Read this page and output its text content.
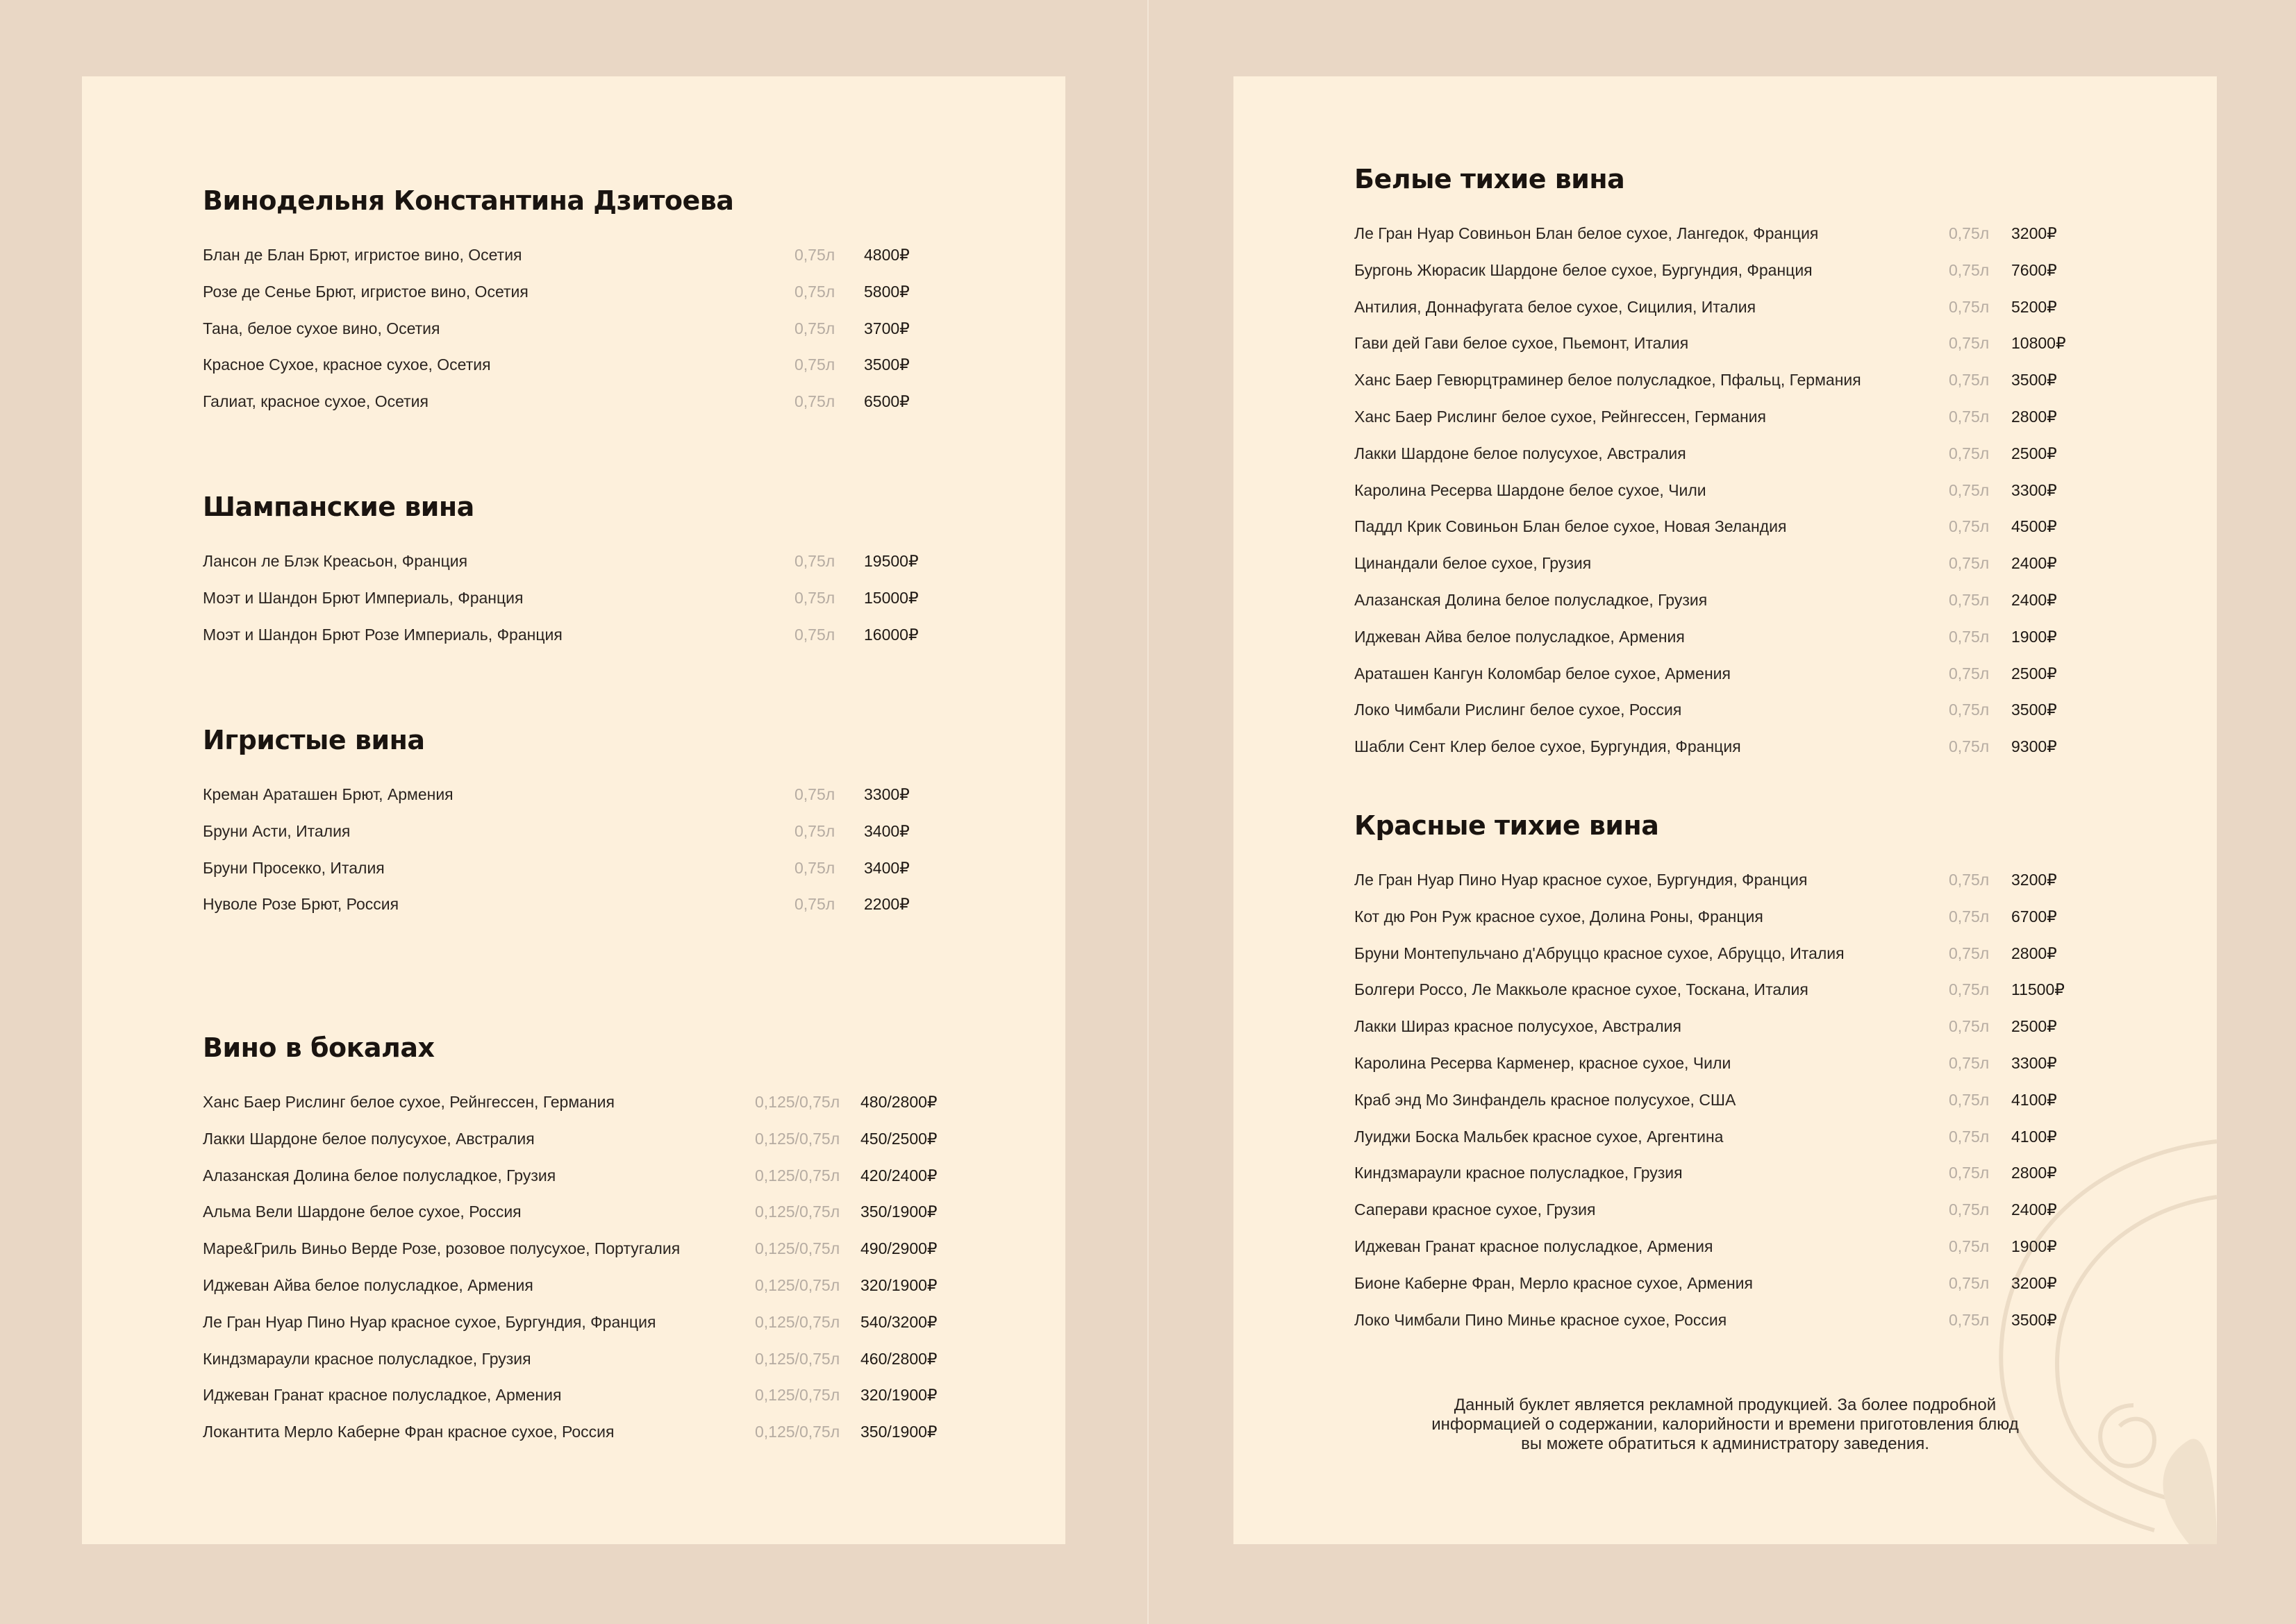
Винодельня Константина Дзитоева
Блан де Блан Брют, игристое вино, Осетия	0,75л 4800₽
Розе де Сенье Брют, игристое вино, Осетия	0,75л 5800₽
Тана, белое сухое вино, Осетия	0,75л 3700₽
Красное Сухое, красное сухое, Осетия	0,75л 3500₽
Галиат, красное сухое, Осетия	0,75л 6500₽
Шампанские вина
Лансон ле Блэк Креасьон, Франция	0,75л 19500₽
Моэт и Шандон Брют Империаль, Франция	0,75л 15000₽
Моэт и Шандон Брют Розе Империаль, Франция	0,75л 16000₽
Игристые вина
Креман Араташен Брют, Армения	0,75л 3300₽
Бруни Асти, Италия	0,75л 3400₽
Бруни Просекко, Италия	0,75л 3400₽
Нуволе Розе Брют, Россия	0,75л 2200₽
Вино в бокалах
Ханс Баер Рислинг белое сухое, Рейнгессен, Германия	0,125/0,75л 480/2800₽
Лакки Шардоне белое полусухое, Австралия	0,125/0,75л 450/2500₽
Алазанская Долина белое полусладкое, Грузия	0,125/0,75л 420/2400₽
Альма Вели Шардоне белое сухое, Россия	0,125/0,75л 350/1900₽
Маре&Гриль Виньо Верде Розе, розовое полусухое, Португалия	0,125/0,75л 490/2900₽
Иджеван Айва белое полусладкое, Армения	0,125/0,75л 320/1900₽
Ле Гран Нуар Пино Нуар красное сухое, Бургундия, Франция	0,125/0,75л 540/3200₽
Киндзмараули красное полусладкое, Грузия	0,125/0,75л 460/2800₽
Иджеван Гранат красное полусладкое, Армения	0,125/0,75л 320/1900₽
Локантита Мерло Каберне Фран красное сухое, Россия	0,125/0,75л 350/1900₽
Белые тихие вина
Ле Гран Нуар Совиньон Блан белое сухое, Лангедок, Франция	0,75л 3200₽
Бургонь Жюрасик Шардоне белое сухое, Бургундия, Франция	0,75л 7600₽
Антилия, Доннафугата белое сухое, Сицилия, Италия	0,75л 5200₽
Гави дей Гави белое сухое, Пьемонт, Италия	0,75л 10800₽
Ханс Баер Гевюрцтраминер белое полусладкое, Пфальц, Германия	0,75л 3500₽
Ханс Баер Рислинг белое сухое, Рейнгессен, Германия	0,75л 2800₽
Лакки Шардоне белое полусухое, Австралия	0,75л 2500₽
Каролина Ресерва Шардоне белое сухое, Чили	0,75л 3300₽
Паддл Крик Совиньон Блан белое сухое, Новая Зеландия	0,75л 4500₽
Цинандали белое сухое, Грузия	0,75л 2400₽
Алазанская Долина белое полусладкое, Грузия	0,75л 2400₽
Иджеван Айва белое полусладкое, Армения	0,75л 1900₽
Араташен Кангун Коломбар белое сухое, Армения	0,75л 2500₽
Локо Чимбали Рислинг белое сухое, Россия	0,75л 3500₽
Шабли Сент Клер белое сухое, Бургундия, Франция	0,75л 9300₽
Красные тихие вина
Ле Гран Нуар Пино Нуар красное сухое, Бургундия, Франция	0,75л 3200₽
Кот дю Рон Руж красное сухое, Долина Роны, Франция	0,75л 6700₽
Бруни Монтепульчано д'Абруццо красное сухое, Абруццо, Италия	0,75л 2800₽
Болгери Россо, Ле Маккьоле красное сухое, Тоскана, Италия	0,75л 11500₽
Лакки Шираз красное полусухое, Австралия	0,75л 2500₽
Каролина Ресерва Карменер, красное сухое, Чили	0,75л 3300₽
Краб энд Мо Зинфандель красное полусухое, США	0,75л 4100₽
Луиджи Боска Мальбек красное сухое, Аргентина	0,75л 4100₽
Киндзмараули красное полусладкое, Грузия	0,75л 2800₽
Саперави красное сухое, Грузия	0,75л 2400₽
Иджеван Гранат красное полусладкое, Армения	0,75л 1900₽
Бионе Каберне Фран, Мерло красное сухое, Армения	0,75л 3200₽
Локо Чимбали Пино Минье красное сухое, Россия	0,75л 3500₽
Данный буклет является рекламной продукцией. За более подробной
информацией о содержании, калорийности и времени приготовления блюд
вы можете обратиться к администратору заведения.
